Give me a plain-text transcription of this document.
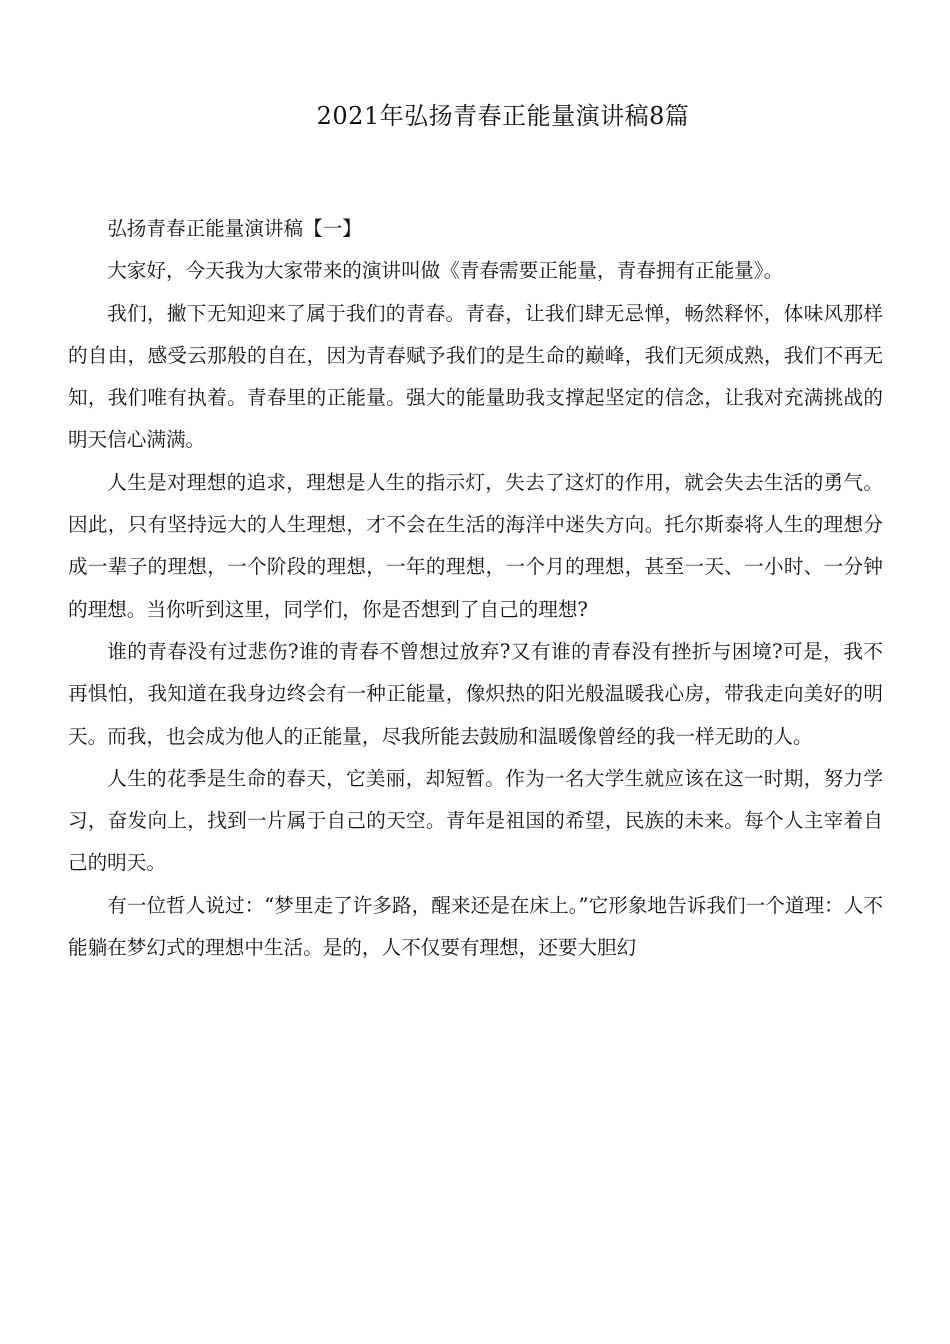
2021年弘扬青春正能量演讲稿8篇

弘扬青春正能量演讲稿【一】

大家好，今天我为大家带来的演讲叫做《青春需要正能量，青春拥有正能量》。

我们，撇下无知迎来了属于我们的青春。青春，让我们肆无忌惮，畅然释怀，体味风那样的自由，感受云那般的自在，因为青春赋予我们的是生命的巅峰，我们无须成熟，我们不再无知，我们唯有执着。青春里的正能量。强大的能量助我支撑起坚定的信念，让我对充满挑战的明天信心满满。

人生是对理想的追求，理想是人生的指示灯，失去了这灯的作用，就会失去生活的勇气。因此，只有坚持远大的人生理想，才不会在生活的海洋中迷失方向。托尔斯泰将人生的理想分成一辈子的理想，一个阶段的理想，一年的理想，一个月的理想，甚至一天、一小时、一分钟的理想。当你听到这里，同学们，你是否想到了自己的理想?

谁的青春没有过悲伤?谁的青春不曾想过放弃?又有谁的青春没有挫折与困境?可是，我不再惧怕，我知道在我身边终会有一种正能量，像炽热的阳光般温暖我心房，带我走向美好的明天。而我，也会成为他人的正能量，尽我所能去鼓励和温暖像曾经的我一样无助的人。

人生的花季是生命的春天，它美丽，却短暂。作为一名大学生就应该在这一时期，努力学习，奋发向上，找到一片属于自己的天空。青年是祖国的希望，民族的未来。每个人主宰着自己的明天。

有一位哲人说过：“梦里走了许多路，醒来还是在床上。”它形象地告诉我们一个道理：人不能躺在梦幻式的理想中生活。是的，人不仅要有理想，还要大胆幻
